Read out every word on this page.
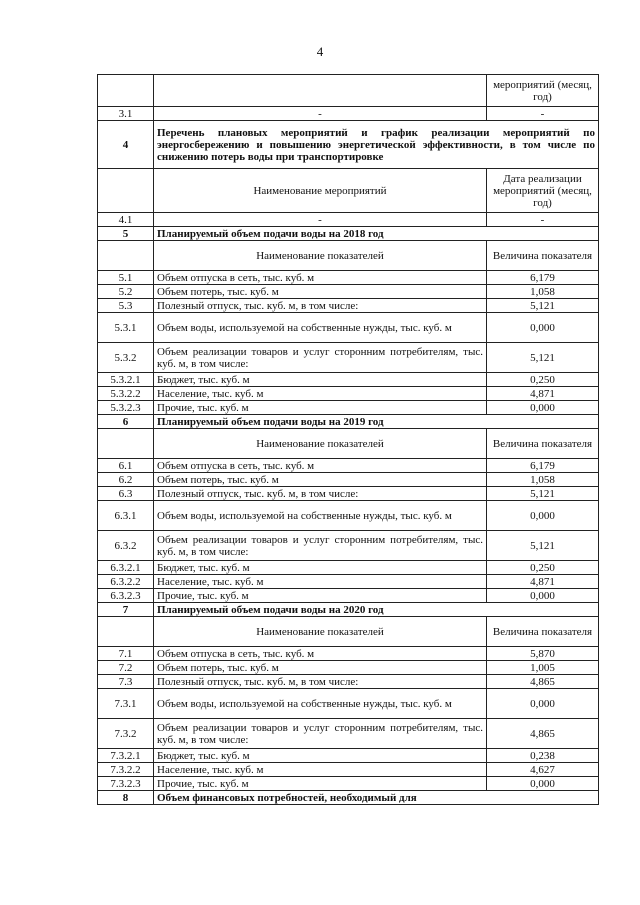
4
		мероприятий (месяц, год)
3.1	-	-
4	Перечень плановых мероприятий и график реализации мероприятий по энергосбережению и повышению энергетической эффективности, в том числе по снижению потерь воды при транспортировке	
	Наименование мероприятий	Дата реализации мероприятий (месяц, год)
4.1	-	-
5	Планируемый объем подачи воды на 2018 год	
	Наименование показателей	Величина показателя
5.1	Объем отпуска в сеть, тыс. куб. м	6,179
5.2	Объем потерь, тыс. куб. м	1,058
5.3	Полезный отпуск, тыс. куб. м, в том числе:	5,121
5.3.1	Объем воды, используемой на собственные нужды, тыс. куб. м	0,000
5.3.2	Объем реализации товаров и услуг сторонним потребителям, тыс. куб. м, в том числе:	5,121
5.3.2.1	Бюджет, тыс. куб. м	0,250
5.3.2.2	Население, тыс. куб. м	4,871
5.3.2.3	Прочие, тыс. куб. м	0,000
6	Планируемый объем подачи воды на 2019 год	
	Наименование показателей	Величина показателя
6.1	Объем отпуска в сеть, тыс. куб. м	6,179
6.2	Объем потерь, тыс. куб. м	1,058
6.3	Полезный отпуск, тыс. куб. м, в том числе:	5,121
6.3.1	Объем воды, используемой на собственные нужды, тыс. куб. м	0,000
6.3.2	Объем реализации товаров и услуг сторонним потребителям, тыс. куб. м, в том числе:	5,121
6.3.2.1	Бюджет, тыс. куб. м	0,250
6.3.2.2	Население, тыс. куб. м	4,871
6.3.2.3	Прочие, тыс. куб. м	0,000
7	Планируемый объем подачи воды на 2020 год	
	Наименование показателей	Величина показателя
7.1	Объем отпуска в сеть, тыс. куб. м	5,870
7.2	Объем потерь, тыс. куб. м	1,005
7.3	Полезный отпуск, тыс. куб. м, в том числе:	4,865
7.3.1	Объем воды, используемой на собственные нужды, тыс. куб. м	0,000
7.3.2	Объем реализации товаров и услуг сторонним потребителям, тыс. куб. м, в том числе:	4,865
7.3.2.1	Бюджет, тыс. куб. м	0,238
7.3.2.2	Население, тыс. куб. м	4,627
7.3.2.3	Прочие, тыс. куб. м	0,000
8	Объем финансовых потребностей, необходимый для	
